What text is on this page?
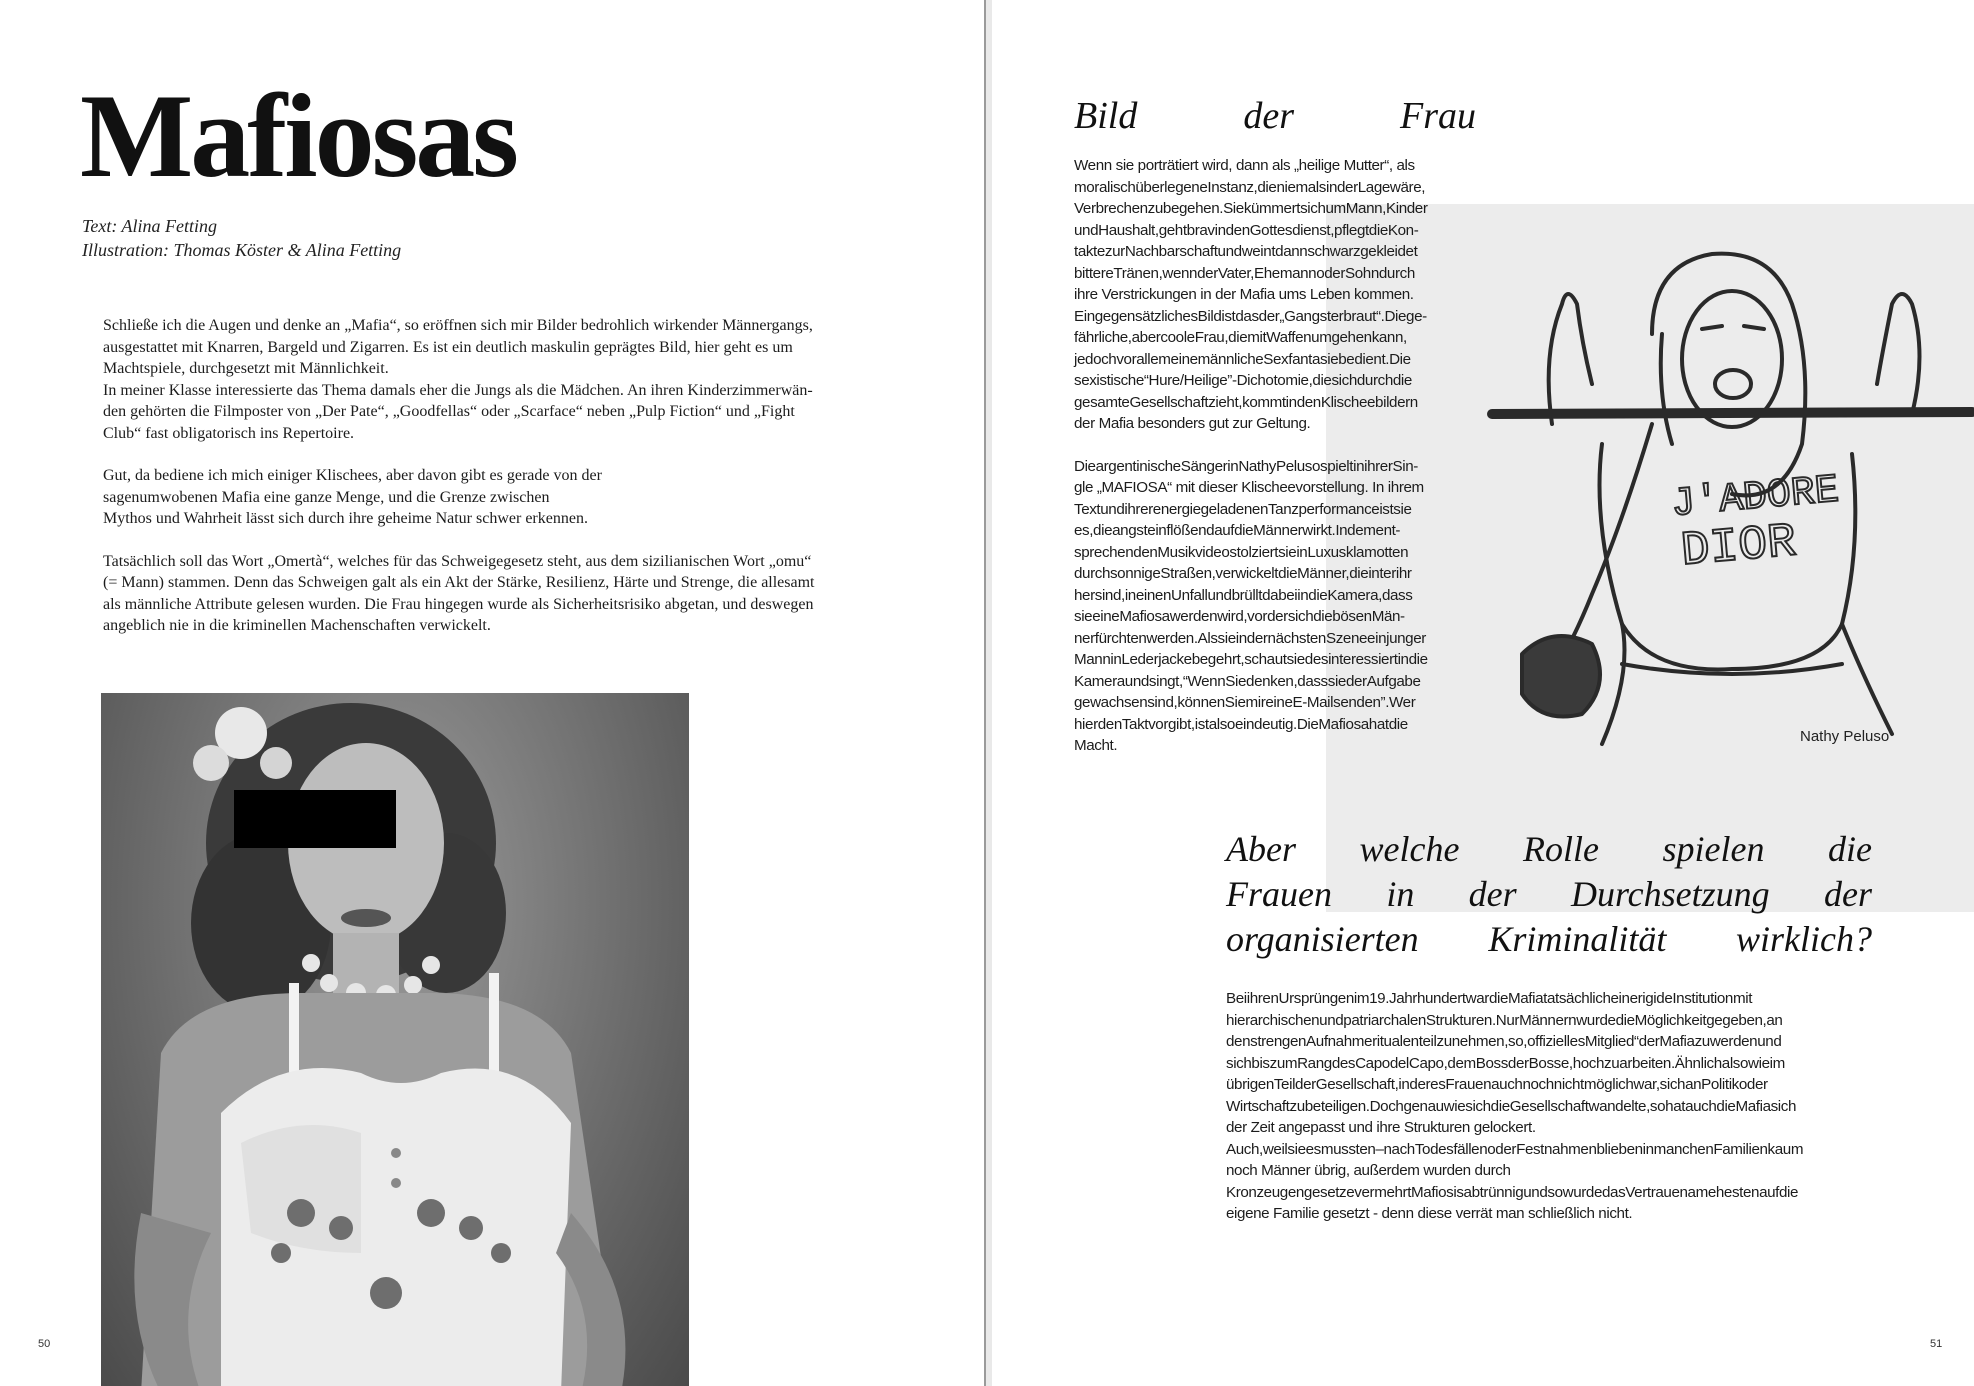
Mafiosas
Text: Alina Fetting
Illustration: Thomas Köster & Alina Fetting

Schließe ich die Augen und denke an „Mafia“, so eröffnen sich mir Bilder bedrohlich wirkender Männergangs,
ausgestattet mit Knarren, Bargeld und Zigarren. Es ist ein deutlich maskulin geprägtes Bild, hier geht es um
Machtspiele, durchgesetzt mit Männlichkeit.
In meiner Klasse interessierte das Thema damals eher die Jungs als die Mädchen. An ihren Kinderzimmerwän-
den gehörten die Filmposter von „Der Pate“, „Goodfellas“ oder „Scarface“ neben „Pulp Fiction“ und „Fight
Club“ fast obligatorisch ins Repertoire.

Gut, da bediene ich mich einiger Klischees, aber davon gibt es gerade von der
sagenumwobenen Mafia eine ganze Menge, und die Grenze zwischen
Mythos und Wahrheit lässt sich durch ihre geheime Natur schwer erkennen.

Tatsächlich soll das Wort „Omertà“, welches für das Schweigegesetz steht, aus dem sizilianischen Wort „omu“
(= Mann) stammen. Denn das Schweigen galt als ein Akt der Stärke, Resilienz, Härte und Strenge, die allesamt
als männliche Attribute gelesen wurden. Die Frau hingegen wurde als Sicherheitsrisiko abgetan, und deswegen
angeblich nie in die kriminellen Machenschaften verwickelt.

50
J'ADORE
DIOR
Nathy Peluso
Bild der Frau

Wenn sie porträtiert wird, dann als „heilige Mutter“, als
moralischüberlegeneInstanz,dieniemalsinderLagewäre,
Verbrechenzubegehen.SiekümmertsichumMann,Kinder
undHaushalt,gehtbravindenGottesdienst,pflegtdieKon-
taktezurNachbarschaftundweintdannschwarzgekleidet
bittereTränen,wennderVater,EhemannoderSohndurch
ihre Verstrickungen in der Mafia ums Leben kommen.
EingegensätzlichesBildistdasder„Gangsterbraut“.Diege-
fährliche,abercooleFrau,diemitWaffenumgehenkann,
jedochvorallemeinemännlicheSexfantasiebedient.Die
sexistische“Hure/Heilige”-Dichotomie,diesichdurchdie
gesamteGesellschaftzieht,kommtindenKlischeebildern
der Mafia besonders gut zur Geltung.

DieargentinischeSängerinNathyPelusospieltinihrerSin-
gle „MAFIOSA“ mit dieser Klischeevorstellung. In ihrem
TextundihrerenergiegeladenenTanzperformanceistsie
es,dieangsteinflößendaufdieMännerwirkt.Indement-
sprechendenMusikvideostolziertsieinLuxusklamotten
durchsonnigeStraßen,verwickeltdieMänner,dieinterihr
hersind,ineinenUnfallundbrülltdabeiindieKamera,dass
sieeineMafiosawerdenwird,vordersichdiebösenMän-
nerfürchtenwerden.AlssieindernächstenSzeneeinjunger
ManninLederjackebegehrt,schautsiedesinteressiertindie
Kameraundsingt,“WennSiedenken,dasssiederAufgabe
gewachsensind,könnenSiemireineE-Mailsenden”.Wer
hierdenTaktvorgibt,istalsoeindeutig.DieMafiosahatdie
Macht.

Aber welche Rolle spielen die
Frauen in der Durchsetzung der
organisierten Kriminalität wirklich?
BeiihrenUrsprüngenim19.JahrhundertwardieMafiatatsächlicheinerigideInstitutionmit
hierarchischenundpatriarchalenStrukturen.NurMännernwurdedieMöglichkeitgegeben,an
denstrengenAufnahmeritualenteilzunehmen,so,offiziellesMitglied“derMafiazuwerdenund
sichbiszumRangdesCapodelCapo,demBossderBosse,hochzuarbeiten.Ähnlichalsowieim
übrigenTeilderGesellschaft,inderesFrauenauchnochnichtmöglichwar,sichanPolitikoder
Wirtschaftzubeteiligen.DochgenauwiesichdieGesellschaftwandelte,sohatauchdieMafiasich
der Zeit angepasst und ihre Strukturen gelockert.
Auch,weilsieesmussten–nachTodesfällenoderFestnahmenbliebeninmanchenFamilienkaum
noch Männer übrig, außerdem wurden durch
KronzeugengesetzevermehrtMafiosisabtrünnigundsowurdedasVertrauenamehestenaufdie
eigene Familie gesetzt - denn diese verrät man schließlich nicht.
51
